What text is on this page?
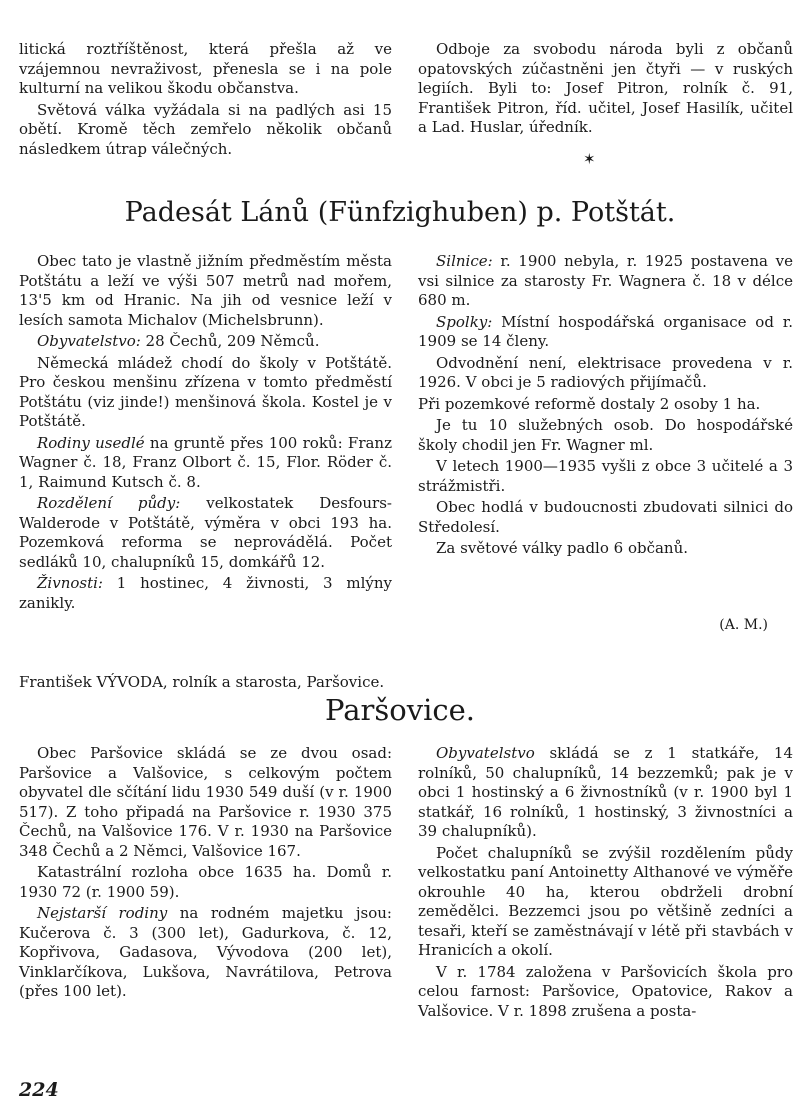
litická roztříštěnost, která přešla až ve vzájemnou nevraživost, přenesla se i na pole kulturní na velikou škodu občanstva.

Světová válka vyžádala si na padlých asi 15 obětí. Kromě těch zemřelo několik občanů následkem útrap válečných.

Odboje za svobodu národa byli z občanů opatovských zúčastněni jen čtyři — v ruských legiích. Byli to: Josef Pitron, rolník č. 91, František Pitron, říd. učitel, Josef Hasilík, učitel a Lad. Huslar, úředník.

✶
Padesát Lánů (Fünfzighuben) p. Potštát.

Obec tato je vlastně jižním předměstím města Potštátu a leží ve výši 507 metrů nad mořem, 13'5 km od Hranic. Na jih od vesnice leží v lesích samota Michalov (Michelsbrunn).

Obyvatelstvo: 28 Čechů, 209 Němců.

Německá mládež chodí do školy v Potštátě. Pro českou menšinu zřízena v tomto předměstí Potštátu (viz jinde!) menšinová škola. Kostel je v Potštátě.

Rodiny usedlé na gruntě přes 100 roků: Franz Wagner č. 18, Franz Olbort č. 15, Flor. Röder č. 1, Raimund Kutsch č. 8.

Rozdělení půdy: velkostatek Desfours-Walderode v Potštátě, výměra v obci 193 ha. Pozemková reforma se neprovádělá. Počet sedláků 10, chalupníků 15, domkářů 12.

Živnosti: 1 hostinec, 4 živnosti, 3 mlýny zanikly.

Silnice: r. 1900 nebyla, r. 1925 postavena ve vsi silnice za starosty Fr. Wagnera č. 18 v délce 680 m.

Spolky: Místní hospodářská organisace od r. 1909 se 14 členy.

Odvodnění není, elektrisace provedena v r. 1926. V obci je 5 radiových přijímačů.

Při pozemkové reformě dostaly 2 osoby 1 ha.

Je tu 10 služebných osob. Do hospodářské školy chodil jen Fr. Wagner ml.

V letech 1900—1935 vyšli z obce 3 učitelé a 3 strážmistři.

Obec hodlá v budoucnosti zbudovati silnici do Středolesí.

Za světové války padlo 6 občanů.

(A. M.)
František VÝVODA, rolník a starosta, Paršovice.
Paršovice.

Obec Paršovice skládá se ze dvou osad: Paršovice a Valšovice, s celkovým počtem obyvatel dle sčítání lidu 1930 549 duší (v r. 1900 517). Z toho připadá na Paršovice r. 1930 375 Čechů, na Valšovice 176. V r. 1930 na Paršovice 348 Čechů a 2 Němci, Valšovice 167.

Katastrální rozloha obce 1635 ha. Domů r. 1930 72 (r. 1900 59).

Nejstarší rodiny na rodném majetku jsou: Kučerova č. 3 (300 let), Gadurkova, č. 12, Kopřivova, Gadasova, Vývodova (200 let), Vinklarčíkova, Lukšova, Navrátilova, Petrova (přes 100 let).

Obyvatelstvo skládá se z 1 statkáře, 14 rolníků, 50 chalupníků, 14 bezzemků; pak je v obci 1 hostinský a 6 živnostníků (v r. 1900 byl 1 statkář, 16 rolníků, 1 hostinský, 3 živnostníci a 39 chalupníků).

Počet chalupníků se zvýšil rozdělením půdy velkostatku paní Antoinetty Althanové ve výměře okrouhle 40 ha, kterou obdrželi drobní zemědělci. Bezzemci jsou po většině zedníci a tesaři, kteří se zaměstnávají v létě při stavbách v Hranicích a okolí.

V r. 1784 založena v Paršovicích škola pro celou farnost: Paršovice, Opatovice, Rakov a Valšovice. V r. 1898 zrušena a posta-

224
